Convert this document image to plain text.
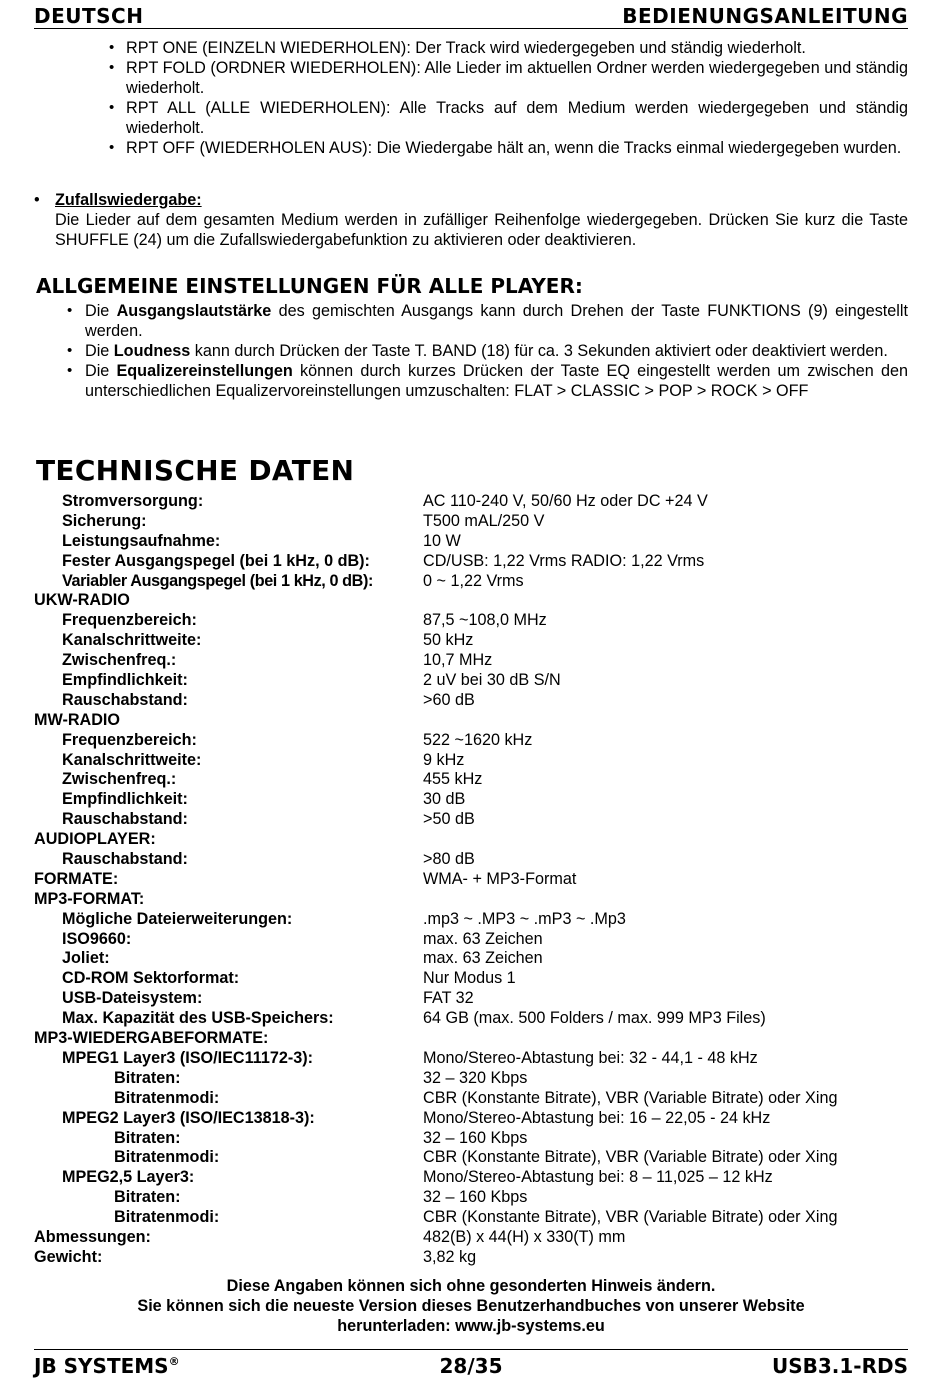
DEUTSCH	BEDIENUNGSANLEITUNG
• RPT ONE (EINZELN WIEDERHOLEN): Der Track wird wiedergegeben und ständig wiederholt.
• RPT FOLD (ORDNER WIEDERHOLEN): Alle Lieder im aktuellen Ordner werden wiedergegeben und ständig wiederholt.
• RPT ALL (ALLE WIEDERHOLEN): Alle Tracks auf dem Medium werden wiedergegeben und ständig wiederholt.
• RPT OFF (WIEDERHOLEN AUS): Die Wiedergabe hält an, wenn die Tracks einmal wiedergegeben wurden.
• Zufallswiedergabe:
Die Lieder auf dem gesamten Medium werden in zufälliger Reihenfolge wiedergegeben. Drücken Sie kurz die Taste SHUFFLE (24) um die Zufallswiedergabefunktion zu aktivieren oder deaktivieren.
ALLGEMEINE EINSTELLUNGEN FÜR ALLE PLAYER:
• Die Ausgangslautstärke des gemischten Ausgangs kann durch Drehen der Taste FUNKTIONS (9) eingestellt werden.
• Die Loudness kann durch Drücken der Taste T. BAND (18) für ca. 3 Sekunden aktiviert oder deaktiviert werden.
• Die Equalizereinstellungen können durch kurzes Drücken der Taste EQ eingestellt werden um zwischen den unterschiedlichen Equalizervoreinstellungen umzuschalten: FLAT > CLASSIC > POP > ROCK > OFF
TECHNISCHE DATEN
Stromversorgung:	AC 110-240 V, 50/60 Hz oder DC +24 V
Sicherung:	T500 mAL/250 V
Leistungsaufnahme:	10 W
Fester Ausgangspegel (bei 1 kHz, 0 dB):	CD/USB: 1,22 Vrms RADIO: 1,22 Vrms
Variabler Ausgangspegel (bei 1 kHz, 0 dB):	0 ~ 1,22 Vrms
UKW-RADIO
Frequenzbereich:	87,5 ~108,0 MHz
Kanalschrittweite:	50 kHz
Zwischenfreq.:	10,7 MHz
Empfindlichkeit:	2 uV bei 30 dB S/N
Rauschabstand:	>60 dB
MW-RADIO
Frequenzbereich:	522 ~1620 kHz
Kanalschrittweite:	9 kHz
Zwischenfreq.:	455 kHz
Empfindlichkeit:	30 dB
Rauschabstand:	>50 dB
AUDIOPLAYER:
Rauschabstand:	>80 dB
FORMATE:	WMA- + MP3-Format
MP3-FORMAT:
Mögliche Dateierweiterungen:	.mp3 ~ .MP3 ~ .mP3 ~ .Mp3
ISO9660:	max. 63 Zeichen
Joliet:	max. 63 Zeichen
CD-ROM Sektorformat:	Nur Modus 1
USB-Dateisystem:	FAT 32
Max. Kapazität des USB-Speichers:	64 GB (max. 500 Folders / max. 999 MP3 Files)
MP3-WIEDERGABEFORMATE:
MPEG1 Layer3 (ISO/IEC11172-3):	Mono/Stereo-Abtastung bei: 32 - 44,1 - 48 kHz
Bitraten:	32 – 320 Kbps
Bitratenmodi:	CBR (Konstante Bitrate), VBR (Variable Bitrate) oder Xing
MPEG2 Layer3 (ISO/IEC13818-3):	Mono/Stereo-Abtastung bei: 16 – 22,05 - 24 kHz
Bitraten:	32 – 160 Kbps
Bitratenmodi:	CBR (Konstante Bitrate), VBR (Variable Bitrate) oder Xing
MPEG2,5 Layer3:	Mono/Stereo-Abtastung bei: 8 – 11,025 – 12 kHz
Bitraten:	32 – 160 Kbps
Bitratenmodi:	CBR (Konstante Bitrate), VBR (Variable Bitrate) oder Xing
Abmessungen:	482(B) x 44(H) x 330(T) mm
Gewicht:	3,82 kg
Diese Angaben können sich ohne gesonderten Hinweis ändern.
Sie können sich die neueste Version dieses Benutzerhandbuches von unserer Website
herunterladen: www.jb-systems.eu
JB SYSTEMS®	28/35	USB3.1-RDS
